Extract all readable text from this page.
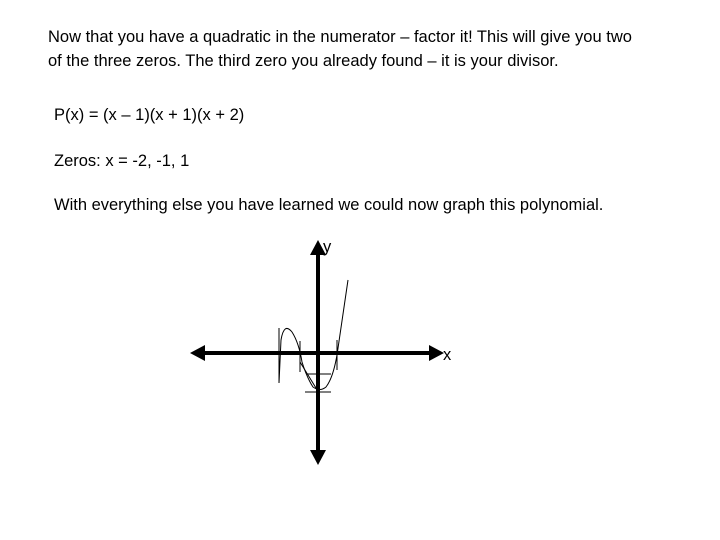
Now that you have a quadratic in the numerator – factor it! This will give you two
of the three zeros. The third zero you already found – it is your divisor.

P(x) = (x – 1)(x + 1)(x + 2)

Zeros: x = -2, -1, 1

With everything else you have learned we could now graph this polynomial.

y
x
